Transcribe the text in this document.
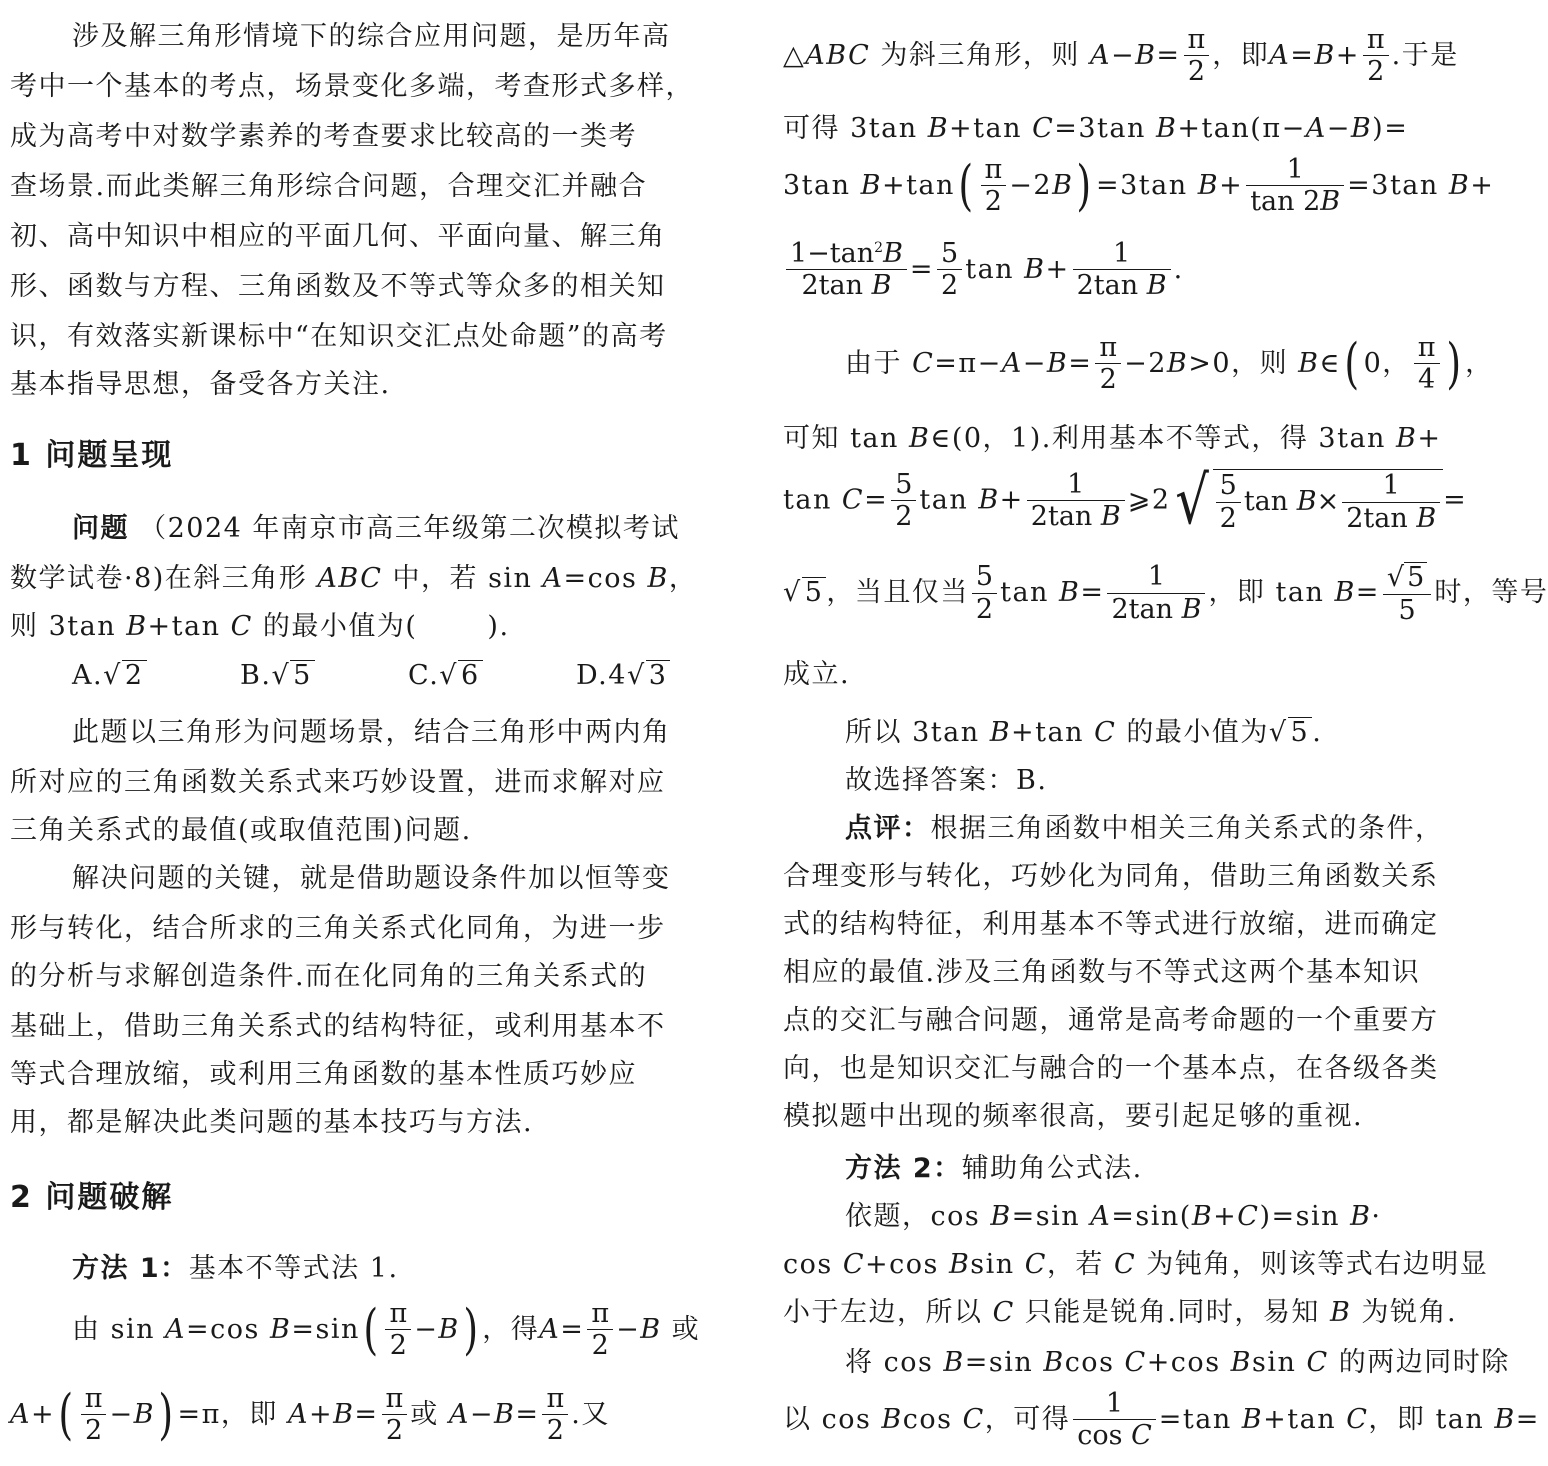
涉及解三角形情境下的综合应用问题，是历年高
考中一个基本的考点，场景变化多端，考查形式多样，
成为高考中对数学素养的考查要求比较高的一类考
查场景.而此类解三角形综合问题，合理交汇并融合
初、高中知识中相应的平面几何、平面向量、解三角
形、函数与方程、三角函数及不等式等众多的相关知
识，有效落实新课标中“在知识交汇点处命题”的高考
基本指导思想，备受各方关注.
1 问题呈现
问题 （2024 年南京市高三年级第二次模拟考试
数学试卷·8)在斜三角形 ABC 中，若 sin A=cos B，
则 3tan B+tan C 的最小值为(	).
A.√ 2	B.√ 5	C.√ 6	D.4√ 3
此题以三角形为问题场景，结合三角形中两内角
所对应的三角函数关系式来巧妙设置，进而求解对应
三角关系式的最值(或取值范围)问题.
解决问题的关键，就是借助题设条件加以恒等变
形与转化，结合所求的三角关系式化同角，为进一步
的分析与求解创造条件.而在化同角的三角关系式的
基础上，借助三角关系式的结构特征，或利用基本不
等式合理放缩，或利用三角函数的基本性质巧妙应
用，都是解决此类问题的基本技巧与方法.
2 问题破解
方法 1：基本不等式法 1.
由 sin A=cos $B=\sin( \frac{\pi}{2} -B)$ ，得$A= \frac{\pi}{2} -B$ 或
$A+( \frac{\pi}{2} -B) =\pi$，即 $A+B= \frac{\pi}{2}$ 或 $A-B= \frac{\pi}{2}$ .又
△ABC 为斜三角形，则 $A-B= \frac{\pi}{2}$ ，即$A=B+ \frac{\pi}{2}$ .于是
可得 3tan B+tan C=3tan B+tan(π−A−B)=
3tan $B+\tan( \frac{\pi}{2} -2B) =3\tan$ $B+ \frac{1}{\tan 2B} =3\tan$ B+
$\frac{1-\tan^2B}{\text{2tan B}} = \frac{5}{2}$ $\tan B+ \frac{1}{\text{2tan B}}$ .
由于 $C=\pi-A-B= \frac{\pi}{2} -2B>0$，则 B∈( 0， $\frac{\pi}{4}$ ) ，
可知 tan B∈(0，1).利用基本不等式，得 3tan B+
$\tan C= \frac{5}{2}$ $\tan B+ \frac{1}{\text{2tan B}}$ ⩾2√ $\frac{5}{2}$ $\tan B\times \frac{1}{\text{2tan B}}$ =
√ 5 ，当且仅当 $\frac{5}{2}$ $\tan B= \frac{1}{\text{2tan B}}$ ，即 $\tan B= \frac{√ 5}{5}$ 时，等号
成立.
所以 3tan B+tan C 的最小值为√ 5 .
故选择答案：B.
点评：根据三角函数中相关三角关系式的条件，
合理变形与转化，巧妙化为同角，借助三角函数关系
式的结构特征，利用基本不等式进行放缩，进而确定
相应的最值.涉及三角函数与不等式这两个基本知识
点的交汇与融合问题，通常是高考命题的一个重要方
向，也是知识交汇与融合的一个基本点，在各级各类
模拟题中出现的频率很高，要引起足够的重视.
方法 2：辅助角公式法.
依题，cos B=sin A=sin(B+C)=sin B·
cos C+cos Bsin C，若 C 为钝角，则该等式右边明显
小于左边，所以 C 只能是锐角.同时，易知 B 为锐角.
将 cos B=sin Bcos C+cos Bsin C 的两边同时除
以 cos Bcos C，可得 $\frac{1}{\text{cos C}} =\tan$ B+tan C，即 tan B=
